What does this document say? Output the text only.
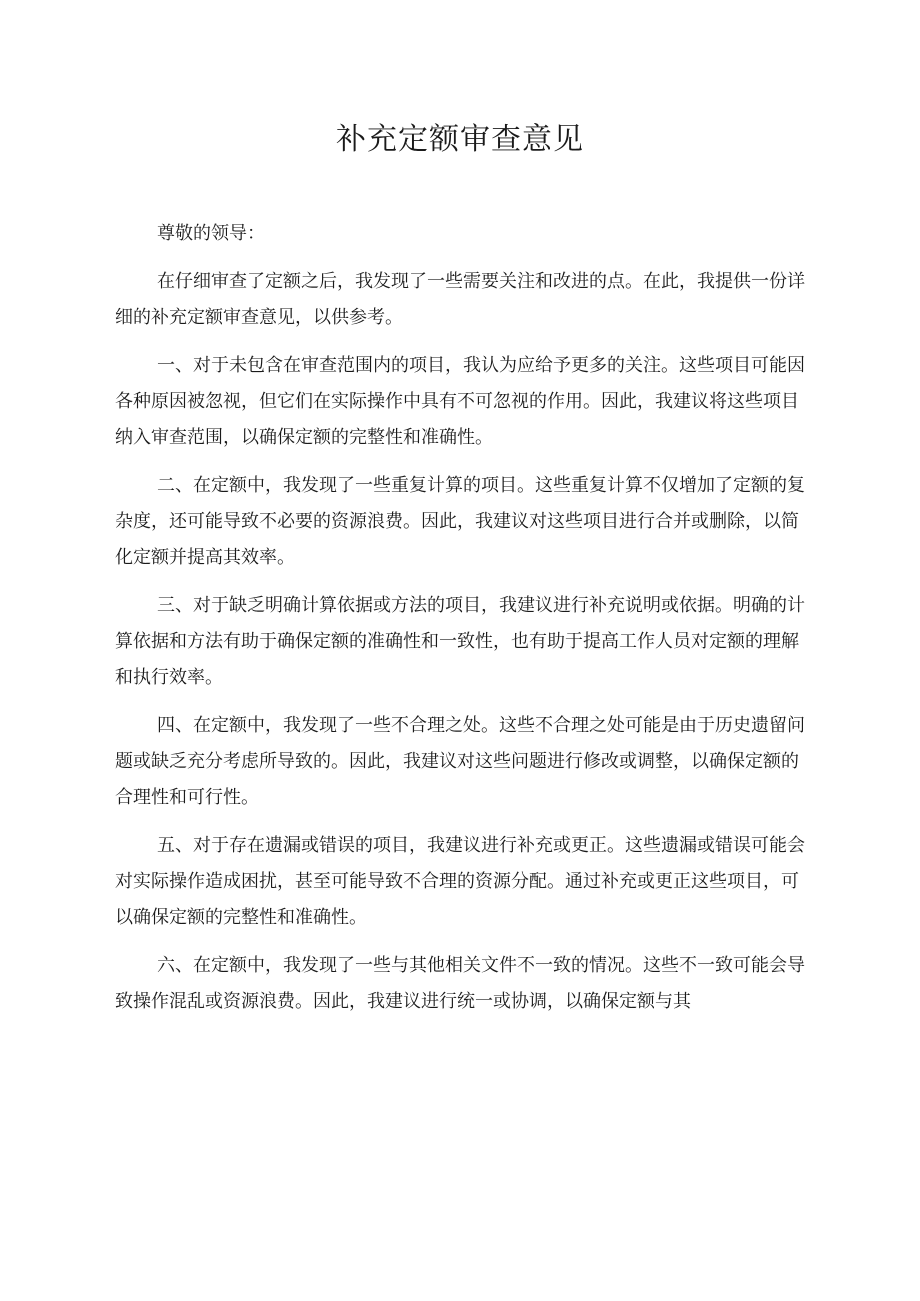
补充定额审查意见

尊敬的领导：

在仔细审查了定额之后，我发现了一些需要关注和改进的点。在此，我提供一份详细的补充定额审查意见，以供参考。

一、对于未包含在审查范围内的项目，我认为应给予更多的关注。这些项目可能因各种原因被忽视，但它们在实际操作中具有不可忽视的作用。因此，我建议将这些项目纳入审查范围，以确保定额的完整性和准确性。

二、在定额中，我发现了一些重复计算的项目。这些重复计算不仅增加了定额的复杂度，还可能导致不必要的资源浪费。因此，我建议对这些项目进行合并或删除，以简化定额并提高其效率。

三、对于缺乏明确计算依据或方法的项目，我建议进行补充说明或依据。明确的计算依据和方法有助于确保定额的准确性和一致性，也有助于提高工作人员对定额的理解和执行效率。

四、在定额中，我发现了一些不合理之处。这些不合理之处可能是由于历史遗留问题或缺乏充分考虑所导致的。因此，我建议对这些问题进行修改或调整，以确保定额的合理性和可行性。

五、对于存在遗漏或错误的项目，我建议进行补充或更正。这些遗漏或错误可能会对实际操作造成困扰，甚至可能导致不合理的资源分配。通过补充或更正这些项目，可以确保定额的完整性和准确性。

六、在定额中，我发现了一些与其他相关文件不一致的情况。这些不一致可能会导致操作混乱或资源浪费。因此，我建议进行统一或协调，以确保定额与其
